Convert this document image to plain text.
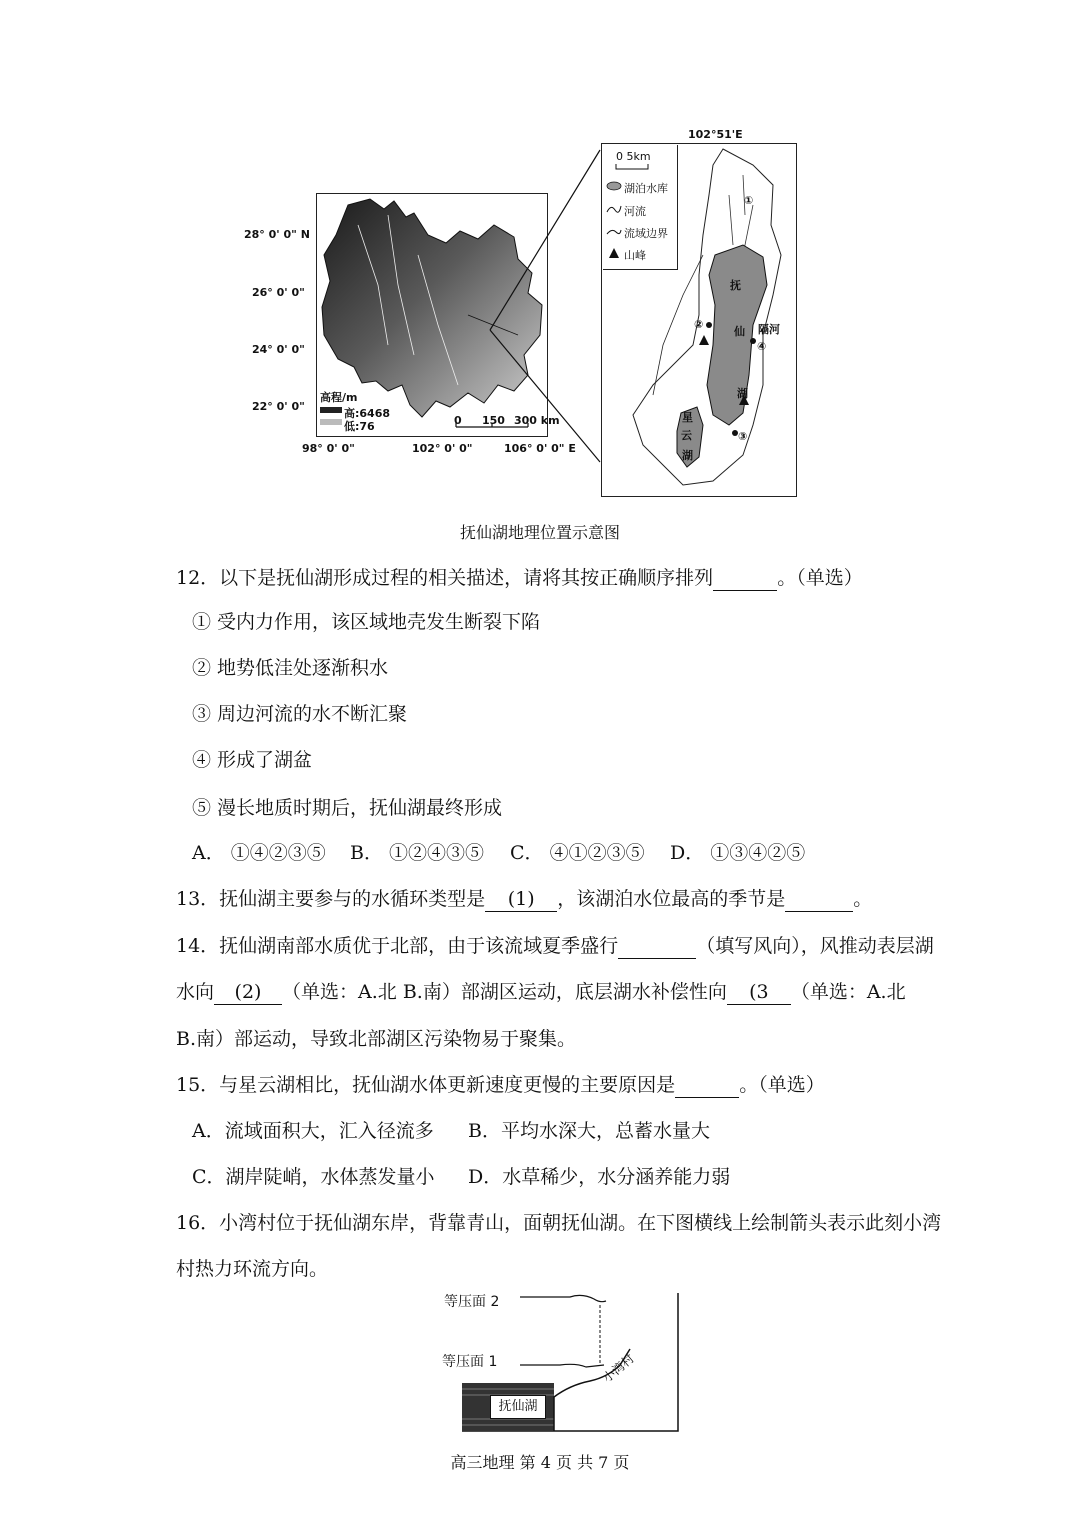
28° 0' 0" N
26° 0' 0"
24° 0' 0"
22° 0' 0"
98° 0' 0"	102° 0' 0"	106° 0' 0" E
高程/m
高:6468
低:76	0 150 300 km
102°51'E
0 5km
湖泊水库
河流
流域边界
山峰
抚
仙
湖
星
云
湖
隔河
①
②
③
④
抚仙湖地理位置示意图
12．以下是抚仙湖形成过程的相关描述，请将其按正确顺序排列	。（单选）
① 受内力作用，该区域地壳发生断裂下陷
② 地势低洼处逐渐积水
③ 周边河流的水不断汇聚
④ 形成了湖盆
⑤ 漫长地质时期后，抚仙湖最终形成
A． ①④②③⑤ B． ①②④③⑤ C． ④①②③⑤ D． ①③④②⑤
13．抚仙湖主要参与的水循环类型是 (1) ，该湖泊水位最高的季节是	。
14．抚仙湖南部水质优于北部，由于该流域夏季盛行	（填写风向），风推动表层湖
水向 (2) （单选：A.北 B.南）部湖区运动，底层湖水补偿性向 (3 （单选：A.北
B.南）部运动，导致北部湖区污染物易于聚集。
15．与星云湖相比，抚仙湖水体更新速度更慢的主要原因是	。（单选）
A．流域面积大，汇入径流多 B．平均水深大，总蓄水量大
C．湖岸陡峭，水体蒸发量小 D．水草稀少，水分涵养能力弱
16．小湾村位于抚仙湖东岸，背靠青山，面朝抚仙湖。在下图横线上绘制箭头表示此刻小湾
村热力环流方向。
等压面 2
等压面 1
抚仙湖
小湾村
高三地理 第 4 页 共 7 页
